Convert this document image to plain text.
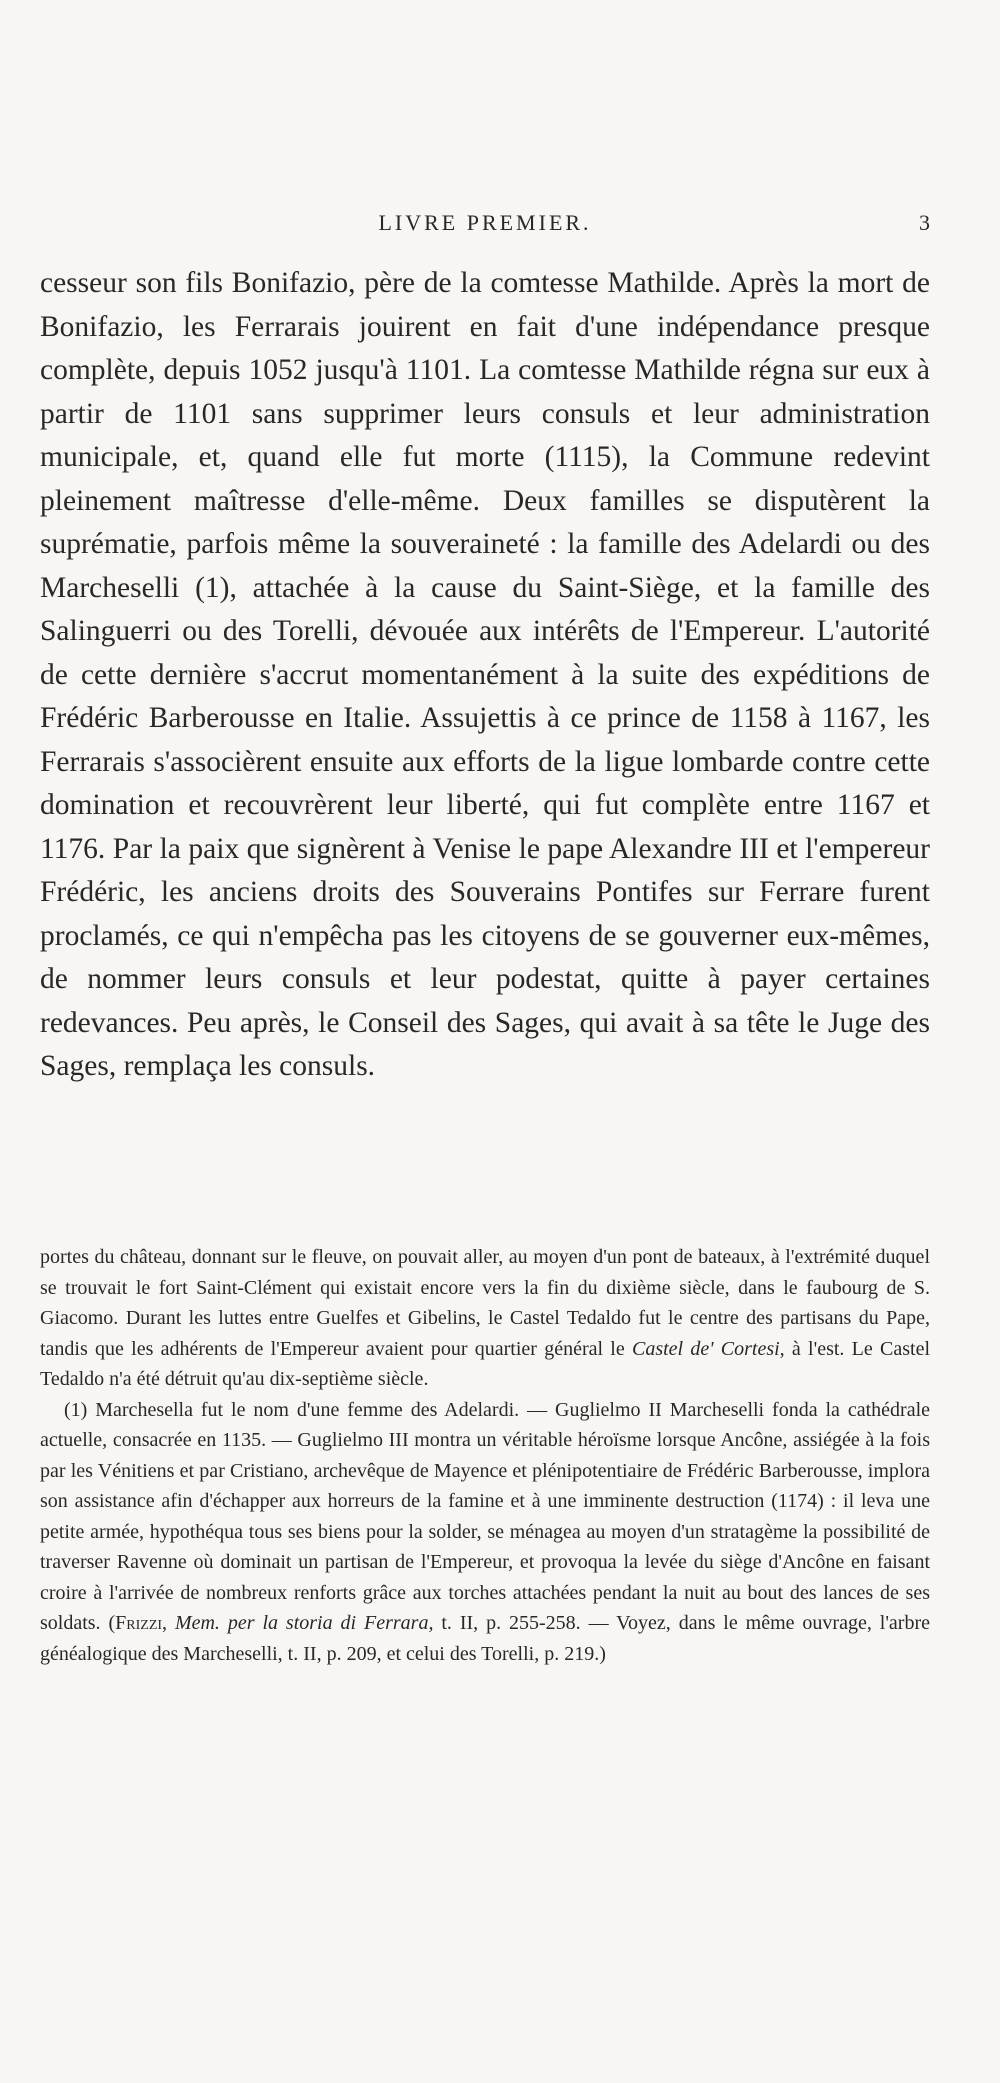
LIVRE PREMIER.	3

cesseur son fils Bonifazio, père de la comtesse Mathilde. Après la mort de Bonifazio, les Ferrarais jouirent en fait d'une indépendance presque complète, depuis 1052 jusqu'à 1101. La comtesse Mathilde régna sur eux à partir de 1101 sans supprimer leurs consuls et leur administration municipale, et, quand elle fut morte (1115), la Commune redevint pleinement maîtresse d'elle-même. Deux familles se disputèrent la suprématie, parfois même la souveraineté : la famille des Adelardi ou des Marcheselli (1), attachée à la cause du Saint-Siège, et la famille des Salinguerri ou des Torelli, dévouée aux intérêts de l'Empereur. L'autorité de cette dernière s'accrut momentanément à la suite des expéditions de Frédéric Barberousse en Italie. Assujettis à ce prince de 1158 à 1167, les Ferrarais s'associèrent ensuite aux efforts de la ligue lombarde contre cette domination et recouvrèrent leur liberté, qui fut complète entre 1167 et 1176. Par la paix que signèrent à Venise le pape Alexandre III et l'empereur Frédéric, les anciens droits des Souverains Pontifes sur Ferrare furent proclamés, ce qui n'empêcha pas les citoyens de se gouverner eux-mêmes, de nommer leurs consuls et leur podestat, quitte à payer certaines redevances. Peu après, le Conseil des Sages, qui avait à sa tête le Juge des Sages, remplaça les consuls.

portes du château, donnant sur le fleuve, on pouvait aller, au moyen d'un pont de bateaux, à l'extrémité duquel se trouvait le fort Saint-Clément qui existait encore vers la fin du dixième siècle, dans le faubourg de S. Giacomo. Durant les luttes entre Guelfes et Gibelins, le Castel Tedaldo fut le centre des partisans du Pape, tandis que les adhérents de l'Empereur avaient pour quartier général le Castel de' Cortesi, à l'est. Le Castel Tedaldo n'a été détruit qu'au dix-septième siècle.

(1) Marchesella fut le nom d'une femme des Adelardi. — Guglielmo II Marcheselli fonda la cathédrale actuelle, consacrée en 1135. — Guglielmo III montra un véritable héroïsme lorsque Ancône, assiégée à la fois par les Vénitiens et par Cristiano, archevêque de Mayence et plénipotentiaire de Frédéric Barberousse, implora son assistance afin d'échapper aux horreurs de la famine et à une imminente destruction (1174) : il leva une petite armée, hypothéqua tous ses biens pour la solder, se ménagea au moyen d'un stratagème la possibilité de traverser Ravenne où dominait un partisan de l'Empereur, et provoqua la levée du siège d'Ancône en faisant croire à l'arrivée de nombreux renforts grâce aux torches attachées pendant la nuit au bout des lances de ses soldats. (Frizzi, Mem. per la storia di Ferrara, t. II, p. 255-258. — Voyez, dans le même ouvrage, l'arbre généalogique des Marcheselli, t. II, p. 209, et celui des Torelli, p. 219.)
